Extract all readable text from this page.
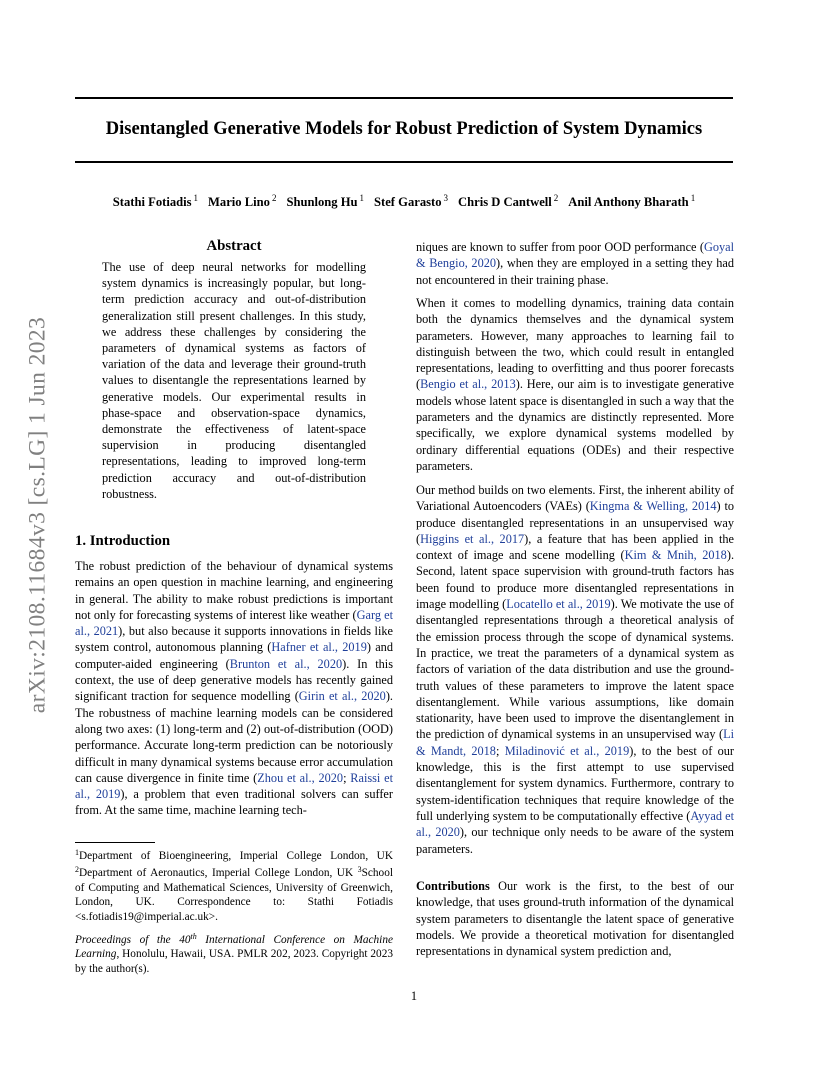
arXiv:2108.11684v3 [cs.LG] 1 Jun 2023
Disentangled Generative Models for Robust Prediction of System Dynamics
Stathi Fotiadis $^1$ Mario Lino $^2$ Shunlong Hu $^1$ Stef Garasto $^3$ Chris D Cantwell $^2$ Anil Anthony Bharath $^1$
Abstract

The use of deep neural networks for modelling system dynamics is increasingly popular, but long-term prediction accuracy and out-of-distribution generalization still present challenges. In this study, we address these challenges by considering the parameters of dynamical systems as factors of variation of the data and leverage their ground-truth values to disentangle the representations learned by generative models. Our experimental results in phase-space and observation-space dynamics, demonstrate the effectiveness of latent-space supervision in producing disentangled representations, leading to improved long-term prediction accuracy and out-of-distribution robustness.

1. Introduction

The robust prediction of the behaviour of dynamical systems remains an open question in machine learning, and engineering in general. The ability to make robust predictions is important not only for forecasting systems of interest like weather (Garg et al., 2021), but also because it supports innovations in fields like system control, autonomous planning (Hafner et al., 2019) and computer-aided engineering (Brunton et al., 2020). In this context, the use of deep generative models has recently gained significant traction for sequence modelling (Girin et al., 2020). The robustness of machine learning models can be considered along two axes: (1) long-term and (2) out-of-distribution (OOD) performance. Accurate long-term prediction can be notoriously difficult in many dynamical systems because error accumulation can cause divergence in finite time (Zhou et al., 2020; Raissi et al., 2019), a problem that even traditional solvers can suffer from. At the same time, machine learning tech-

$^1$Department of Bioengineering, Imperial College London, UK $^2$Department of Aeronautics, Imperial College London, UK $^3$School of Computing and Mathematical Sciences, University of Greenwich, London, UK. Correspondence to: Stathi Fotiadis <s.fotiadis19@imperial.ac.uk>.

Proceedings of the 40th International Conference on Machine Learning, Honolulu, Hawaii, USA. PMLR 202, 2023. Copyright 2023 by the author(s).

niques are known to suffer from poor OOD performance (Goyal & Bengio, 2020), when they are employed in a setting they had not encountered in their training phase.

When it comes to modelling dynamics, training data contain both the dynamics themselves and the dynamical system parameters. However, many approaches to learning fail to distinguish between the two, which could result in entangled representations, leading to overfitting and thus poorer forecasts (Bengio et al., 2013). Here, our aim is to investigate generative models whose latent space is disentangled in such a way that the parameters and the dynamics are distinctly represented. More specifically, we explore dynamical systems modelled by ordinary differential equations (ODEs) and their respective parameters.

Our method builds on two elements. First, the inherent ability of Variational Autoencoders (VAEs) (Kingma & Welling, 2014) to produce disentangled representations in an unsupervised way (Higgins et al., 2017), a feature that has been applied in the context of image and scene modelling (Kim & Mnih, 2018). Second, latent space supervision with ground-truth factors has been found to produce more disentangled representations in image modelling (Locatello et al., 2019). We motivate the use of disentangled representations through a theoretical analysis of the emission process through the scope of dynamical systems. In practice, we treat the parameters of a dynamical system as factors of variation of the data distribution and use the ground-truth values of these parameters to improve the latent space disentanglement. While various assumptions, like domain stationarity, have been used to improve the disentanglement in the prediction of dynamical systems in an unsupervised way (Li & Mandt, 2018; Miladinović et al., 2019), to the best of our knowledge, this is the first attempt to use supervised disentanglement for system dynamics. Furthermore, contrary to system-identification techniques that require knowledge of the full underlying system to be computationally effective (Ayyad et al., 2020), our technique only needs to be aware of the system parameters.

Contributions Our work is the first, to the best of our knowledge, that uses ground-truth information of the dynamical system parameters to disentangle the latent space of generative models. We provide a theoretical motivation for disentangled representations in dynamical system prediction and,

1
